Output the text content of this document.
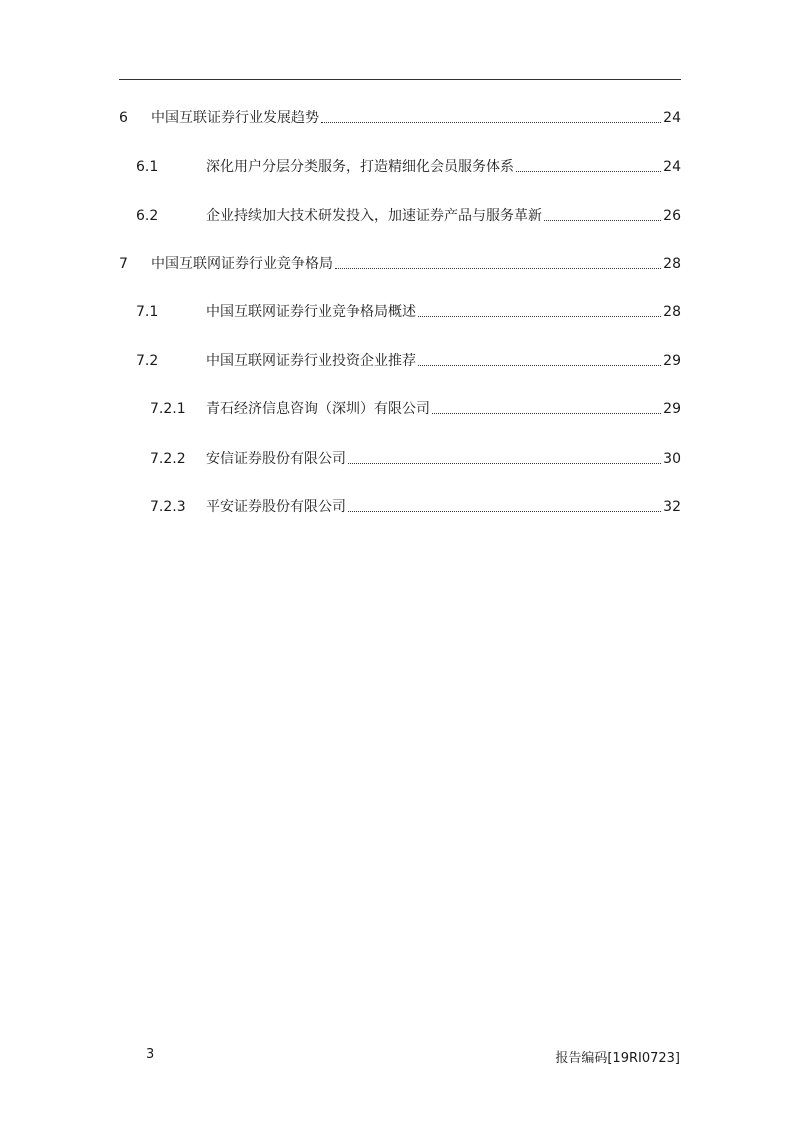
6 中国互联证券行业发展趋势	24
6.1	深化用户分层分类服务，打造精细化会员服务体系	24
6.2	企业持续加大技术研发投入，加速证券产品与服务革新	26
7 中国互联网证券行业竞争格局	28
7.1	中国互联网证券行业竞争格局概述	28
7.2	中国互联网证券行业投资企业推荐	29
7.2.1 青石经济信息咨询（深圳）有限公司	29
7.2.2 安信证券股份有限公司	30
7.2.3 平安证券股份有限公司	32
3	报告编码[19RI0723]
